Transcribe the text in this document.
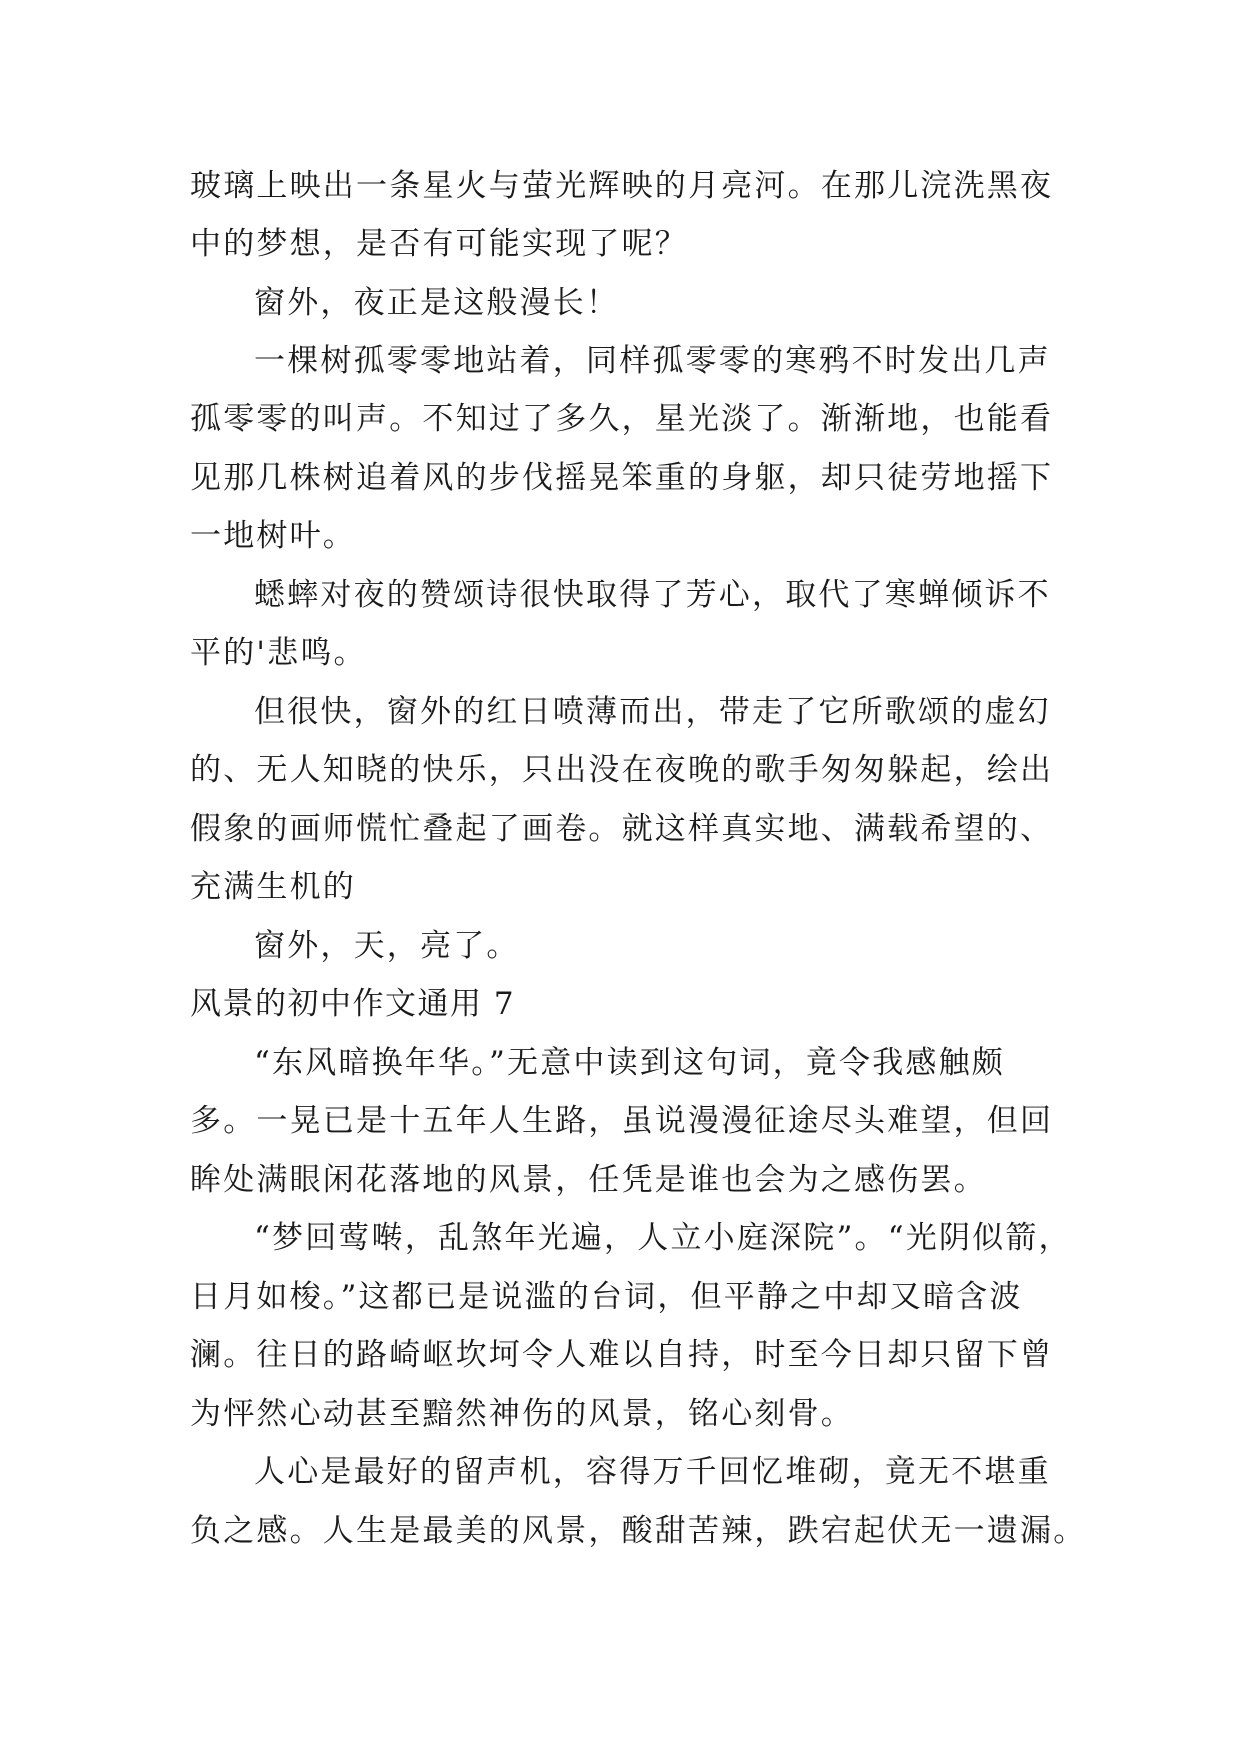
玻璃上映出一条星火与萤光辉映的月亮河。在那儿浣洗黑夜
中的梦想，是否有可能实现了呢？
窗外，夜正是这般漫长！
一棵树孤零零地站着，同样孤零零的寒鸦不时发出几声
孤零零的叫声。不知过了多久，星光淡了。渐渐地，也能看
见那几株树追着风的步伐摇晃笨重的身躯，却只徒劳地摇下
一地树叶。
蟋蟀对夜的赞颂诗很快取得了芳心，取代了寒蝉倾诉不
平的'悲鸣。
但很快，窗外的红日喷薄而出，带走了它所歌颂的虚幻
的、无人知晓的快乐，只出没在夜晚的歌手匆匆躲起，绘出
假象的画师慌忙叠起了画卷。就这样真实地、满载希望的、
充满生机的
窗外，天，亮了。
风景的初中作文通用 7
“东风暗换年华。”无意中读到这句词，竟令我感触颇
多。一晃已是十五年人生路，虽说漫漫征途尽头难望，但回
眸处满眼闲花落地的风景，任凭是谁也会为之感伤罢。
“梦回莺啭，乱煞年光遍，人立小庭深院”。“光阴似箭，
日月如梭。”这都已是说滥的台词，但平静之中却又暗含波
澜。往日的路崎岖坎坷令人难以自持，时至今日却只留下曾
为怦然心动甚至黯然神伤的风景，铭心刻骨。
人心是最好的留声机，容得万千回忆堆砌，竟无不堪重
负之感。人生是最美的风景，酸甜苦辣，跌宕起伏无一遗漏。
